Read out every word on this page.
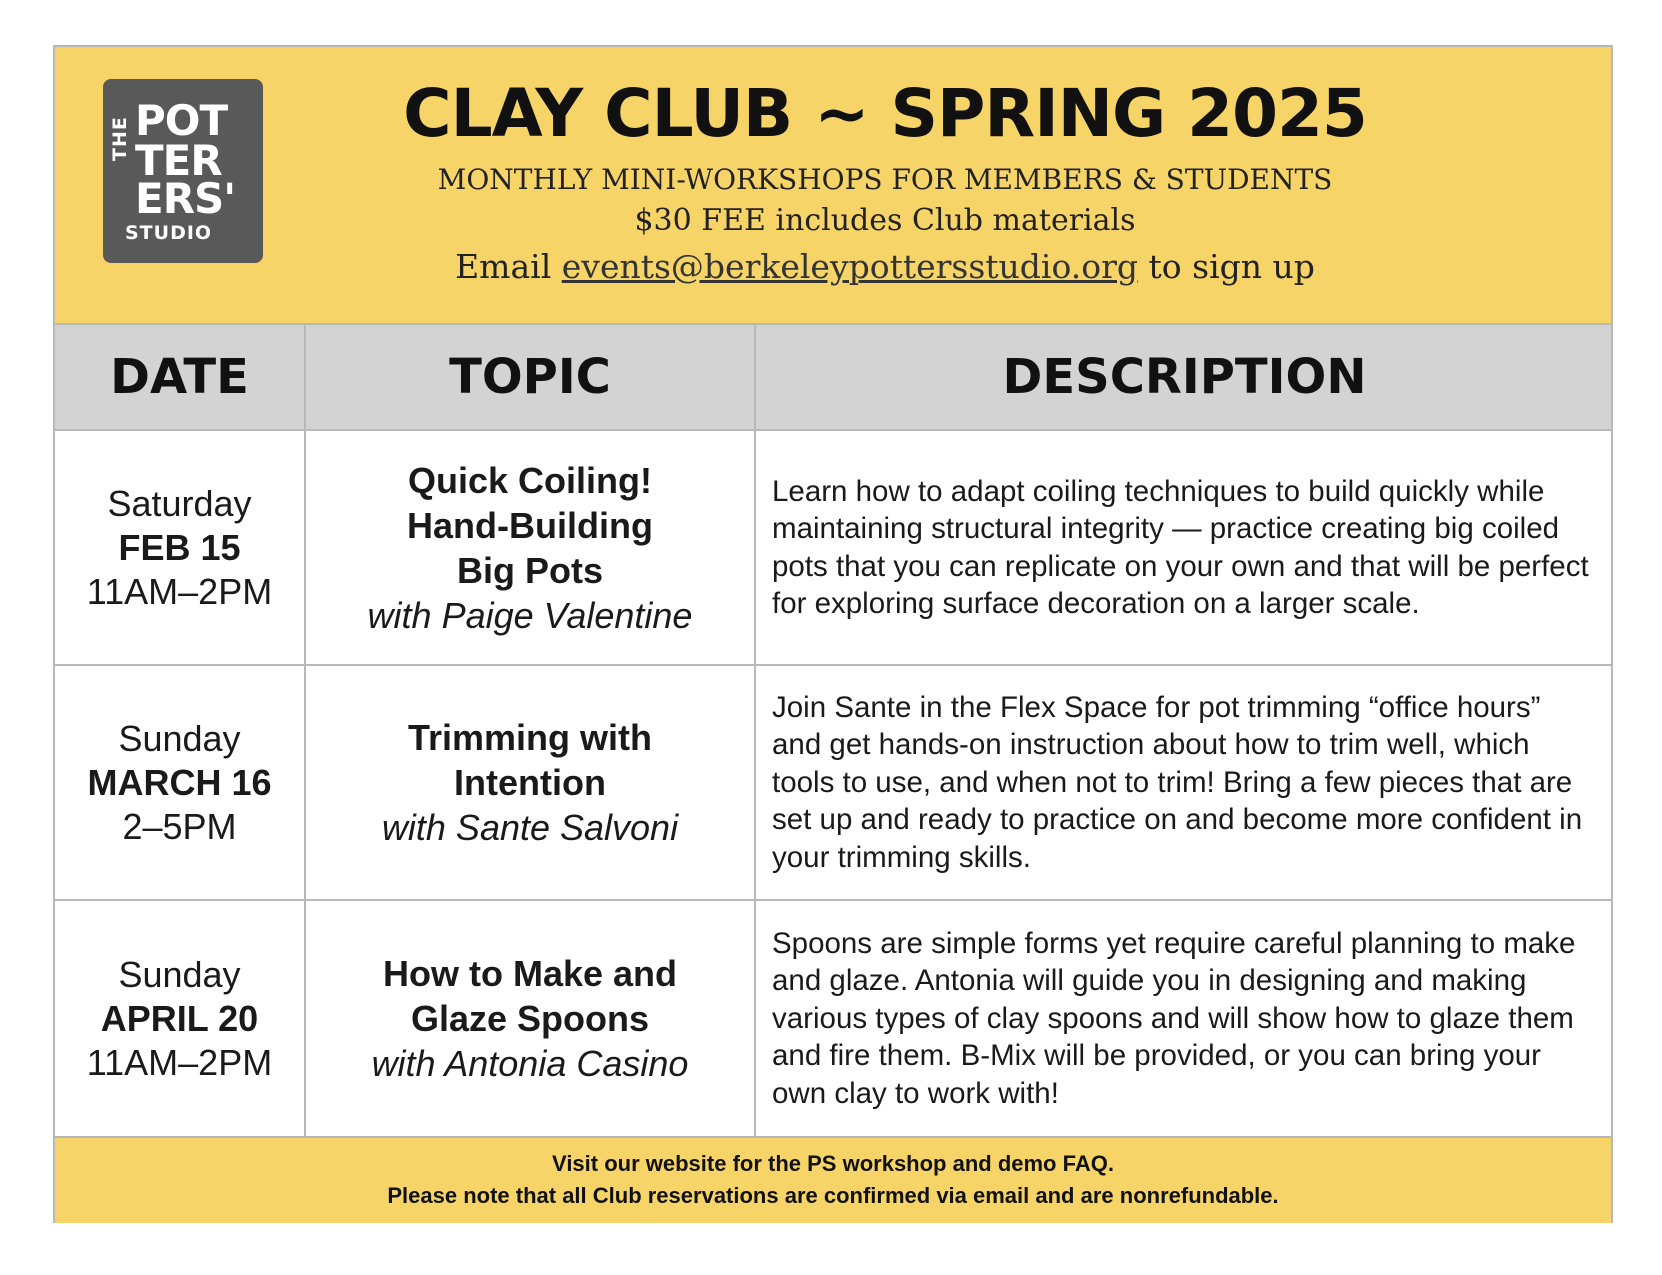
THE POT
TER
ERS'
STUDIO
CLAY CLUB ~ SPRING 2025
MONTHLY MINI-WORKSHOPS FOR MEMBERS & STUDENTS
$30 FEE includes Club materials
Email events@berkeleypottersstudio.org to sign up
DATE	TOPIC	DESCRIPTION
Saturday
FEB 15
11AM–2PM
Quick Coiling!
Hand-Building
Big Pots
with Paige Valentine
Learn how to adapt coiling techniques to build quickly while maintaining structural integrity — practice creating big coiled pots that you can replicate on your own and that will be perfect for exploring surface decoration on a larger scale.
Sunday
MARCH 16
2–5PM
Trimming with
Intention
with Sante Salvoni
Join Sante in the Flex Space for pot trimming “office hours” and get hands-on instruction about how to trim well, which tools to use, and when not to trim! Bring a few pieces that are set up and ready to practice on and become more confident in your trimming skills.
Sunday
APRIL 20
11AM–2PM
How to Make and
Glaze Spoons
with Antonia Casino
Spoons are simple forms yet require careful planning to make and glaze. Antonia will guide you in designing and making various types of clay spoons and will show how to glaze them and fire them. B-Mix will be provided, or you can bring your own clay to work with!
Visit our website for the PS workshop and demo FAQ.
Please note that all Club reservations are confirmed via email and are nonrefundable.
